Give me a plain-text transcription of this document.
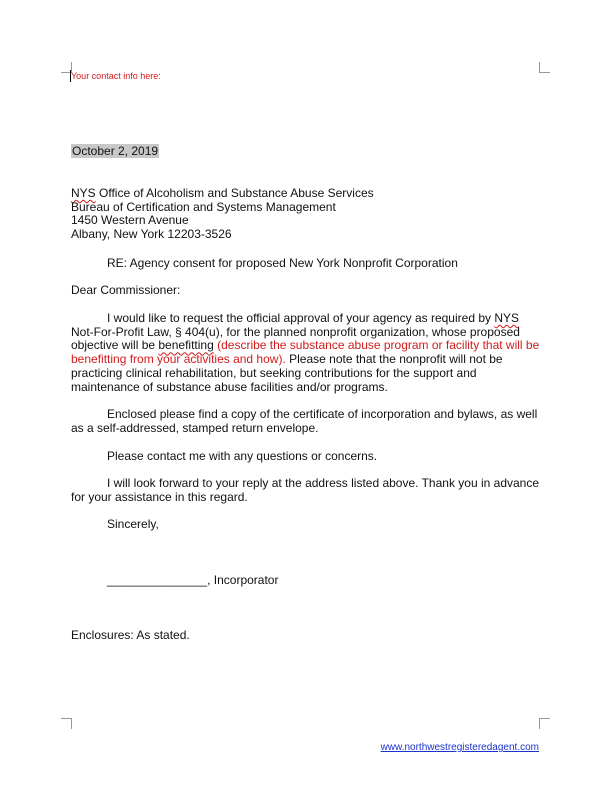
Your contact info here:
October 2, 2019
NYS Office of Alcoholism and Substance Abuse Services
Bureau of Certification and Systems Management
1450 Western Avenue
Albany, New York 12203-3526
RE: Agency consent for proposed New York Nonprofit Corporation
Dear Commissioner:
I would like to request the official approval of your agency as required by NYS Not-For-Profit Law, § 404(u), for the planned nonprofit organization, whose proposed objective will be benefitting (describe the substance abuse program or facility that will be benefitting from your activities and how). Please note that the nonprofit will not be practicing clinical rehabilitation, but seeking contributions for the support and maintenance of substance abuse facilities and/or programs.
Enclosed please find a copy of the certificate of incorporation and bylaws, as well as a self-addressed, stamped return envelope.
Please contact me with any questions or concerns.
I will look forward to your reply at the address listed above. Thank you in advance for your assistance in this regard.
Sincerely,
_______________, Incorporator
Enclosures: As stated.
www.northwestregisteredagent.com
